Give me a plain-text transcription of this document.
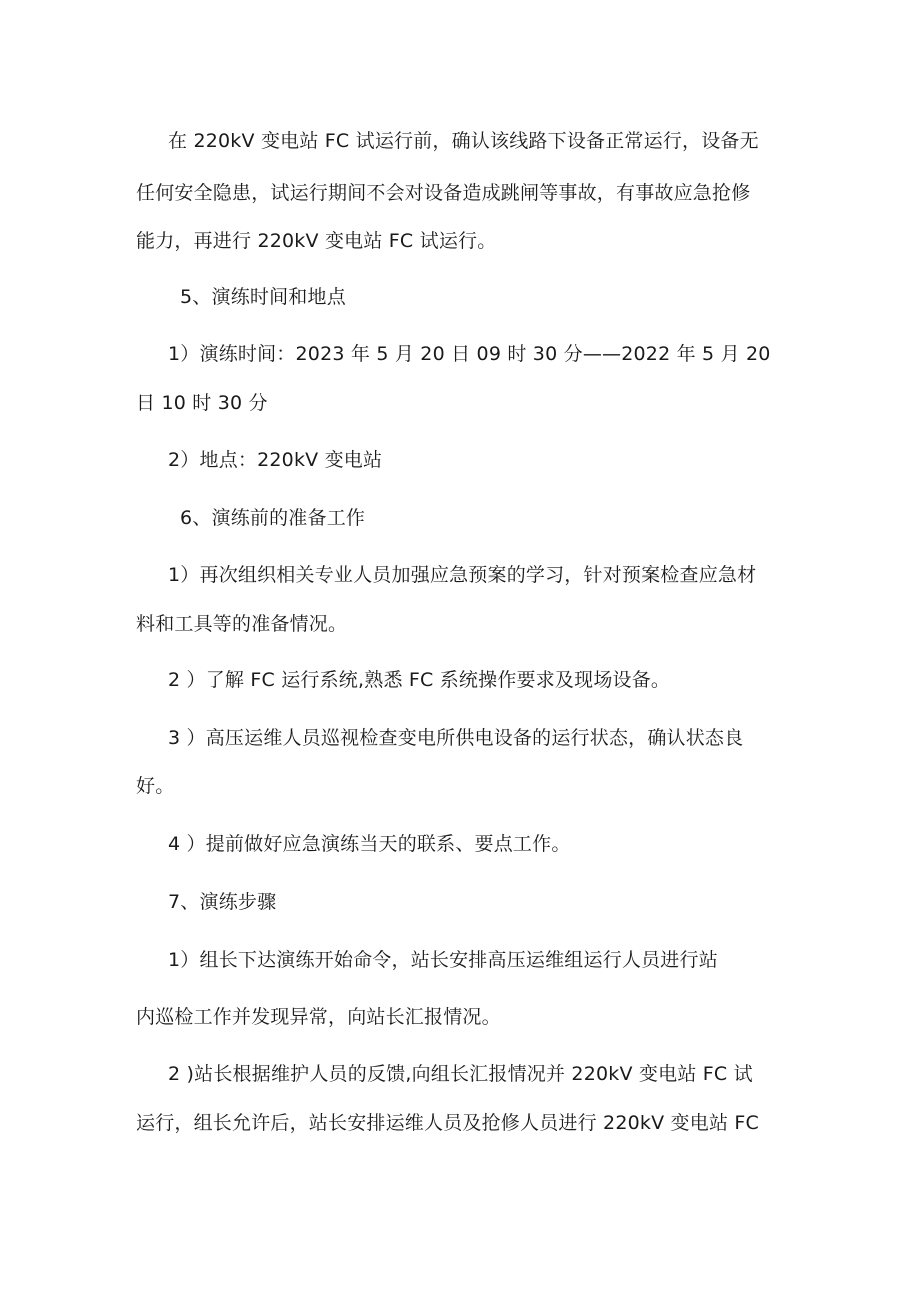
在 220kV 变电站 FC 试运行前，确认该线路下设备正常运行，设备无
任何安全隐患，试运行期间不会对设备造成跳闸等事故，有事故应急抢修
能力，再进行 220kV 变电站 FC 试运行。
5、演练时间和地点
1）演练时间：2023 年 5 月 20 日 09 时 30 分——2022 年 5 月 20
日 10 时 30 分
2）地点：220kV 变电站
6、演练前的准备工作
1）再次组织相关专业人员加强应急预案的学习，针对预案检查应急材
料和工具等的准备情况。
2 ）了解 FC 运行系统,熟悉 FC 系统操作要求及现场设备。
3 ）高压运维人员巡视检查变电所供电设备的运行状态，确认状态良
好。
4 ）提前做好应急演练当天的联系、要点工作。
7、演练步骤
1）组长下达演练开始命令，站长安排高压运维组运行人员进行站
内巡检工作并发现异常，向站长汇报情况。
2 )站长根据维护人员的反馈,向组长汇报情况并 220kV 变电站 FC 试
运行，组长允许后，站长安排运维人员及抢修人员进行 220kV 变电站 FC
